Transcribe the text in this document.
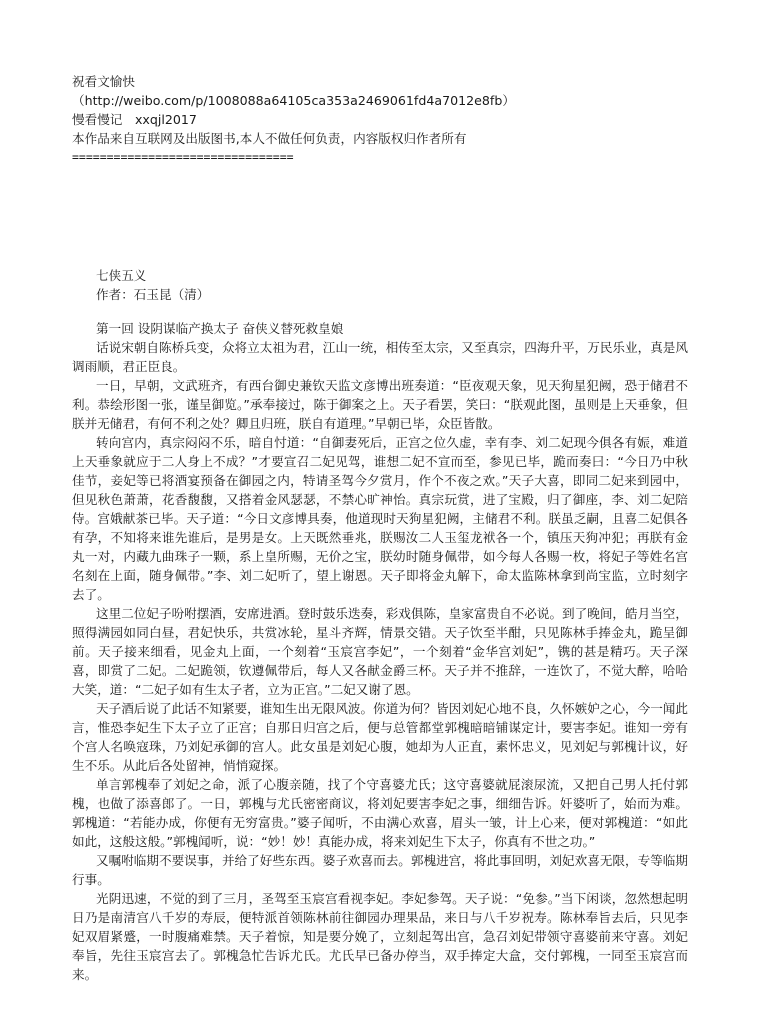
祝看文愉快
（http://weibo.com/p/1008088a64105ca353a2469061fd4a7012e8fb）
慢看慢记　xxqjl2017
本作品来自互联网及出版图书,本人不做任何负责，内容版权归作者所有
================================
七侠五义
作者：石玉昆（清）
第一回 设阴谋临产换太子 奋侠义替死救皇娘

话说宋朝自陈桥兵变，众将立太祖为君，江山一统，相传至太宗，又至真宗，四海升平，万民乐业，真是风调雨顺，君正臣良。

一日，早朝，文武班齐，有西台御史兼钦天监文彦博出班奏道：“臣夜观天象，见天狗星犯阙，恐于储君不利。恭绘形图一张，谨呈御览。”承奉接过，陈于御案之上。天子看罢，笑曰：“朕观此图，虽则是上天垂象，但朕并无储君，有何不利之处？卿且归班，朕自有道理。”早朝已毕，众臣皆散。

转向宫内，真宗闷闷不乐，暗自忖道：“自御妻死后，正宫之位久虚，幸有李、刘二妃现今俱各有娠，难道上天垂象就应于二人身上不成？”才要宣召二妃见驾，谁想二妃不宣而至，参见已毕，跪而奏曰：“今日乃中秋佳节，妾妃等已将酒宴预备在御园之内，特请圣驾今夕赏月，作个不夜之欢。”天子大喜，即同二妃来到园中，但见秋色萧萧，花香馥馥，又搭着金风瑟瑟，不禁心旷神怡。真宗玩赏，进了宝殿，归了御座，李、刘二妃陪侍。宫娥献茶已毕。天子道：“今日文彦博具奏，他道现时天狗星犯阙，主储君不利。朕虽乏嗣，且喜二妃俱各有孕，不知将来谁先谁后，是男是女。上天既然垂兆，朕赐汝二人玉玺龙袱各一个，镇压天狗冲犯；再朕有金丸一对，内藏九曲珠子一颗，系上皇所赐，无价之宝，朕幼时随身佩带，如今每人各赐一枚，将妃子等姓名宫名刻在上面，随身佩带。”李、刘二妃听了，望上谢恩。天子即将金丸解下，命太监陈林拿到尚宝监，立时刻字去了。

这里二位妃子吩咐摆酒，安席进酒。登时鼓乐迭奏，彩戏俱陈，皇家富贵自不必说。到了晚间，皓月当空，照得满园如同白昼，君妃快乐，共赏冰轮，星斗齐辉，情景交错。天子饮至半酣，只见陈林手捧金丸，跪呈御前。天子接来细看，见金丸上面，一个刻着“玉宸宫李妃”，一个刻着“金华宫刘妃”，镌的甚是精巧。天子深喜，即赏了二妃。二妃跪领，钦遵佩带后，每人又各献金爵三杯。天子并不推辞，一连饮了，不觉大醉，哈哈大笑，道：“二妃子如有生太子者，立为正宫。”二妃又谢了恩。

天子酒后说了此话不知紧要，谁知生出无限风波。你道为何？皆因刘妃心地不良，久怀嫉妒之心，今一闻此言，惟恐李妃生下太子立了正宫；自那日归宫之后，便与总管都堂郭槐暗暗铺谋定计，要害李妃。谁知一旁有个宫人名唤寇珠，乃刘妃承御的宫人。此女虽是刘妃心腹，她却为人正直，素怀忠义，见刘妃与郭槐计议，好生不乐。从此后各处留神，悄悄窥探。

单言郭槐奉了刘妃之命，派了心腹亲随，找了个守喜婆尤氏；这守喜婆就屁滚尿流，又把自己男人托付郭槐，也做了添喜郎了。一日，郭槐与尤氏密密商议，将刘妃要害李妃之事，细细告诉。奸婆听了，始而为难。郭槐道：“若能办成，你便有无穷富贵。”婆子闻听，不由满心欢喜，眉头一皱，计上心来，便对郭槐道：“如此如此，这般这般。”郭槐闻听，说：“妙！妙！真能办成，将来刘妃生下太子，你真有不世之功。”

又嘱咐临期不要误事，并给了好些东西。婆子欢喜而去。郭槐进宫，将此事回明，刘妃欢喜无限，专等临期行事。

光阴迅速，不觉的到了三月，圣驾至玉宸宫看视李妃。李妃参驾。天子说：“免参。”当下闲谈，忽然想起明日乃是南清宫八千岁的寿辰，便特派首领陈林前往御园办理果品，来日与八千岁祝寿。陈林奉旨去后，只见李妃双眉紧蹙，一时腹痛难禁。天子着惊，知是要分娩了，立刻起驾出宫，急召刘妃带领守喜婆前来守喜。刘妃奉旨，先往玉宸宫去了。郭槐急忙告诉尤氏。尤氏早已备办停当，双手捧定大盒，交付郭槐，一同至玉宸宫而来。
